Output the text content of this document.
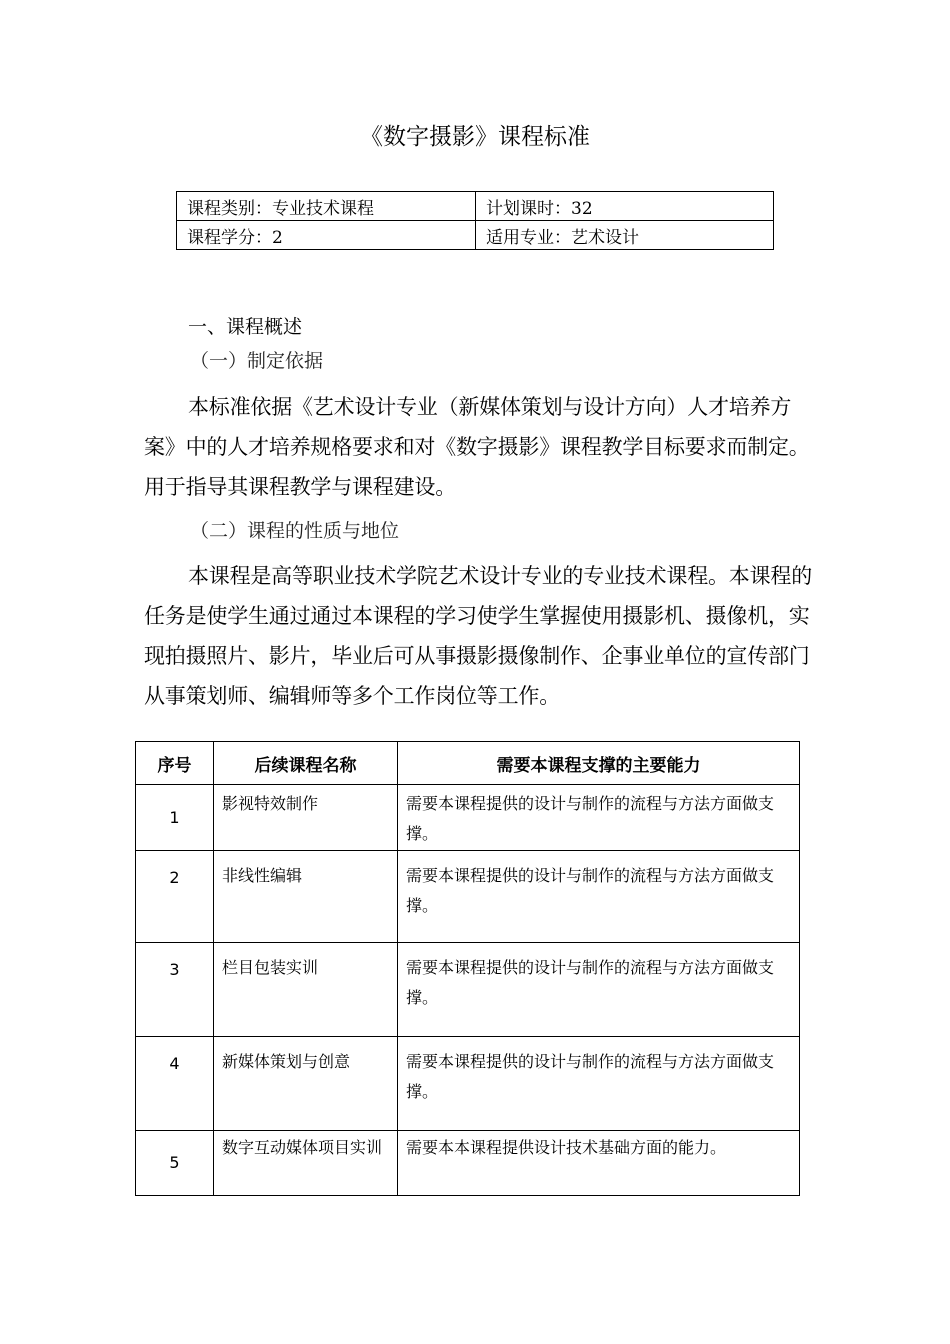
《数字摄影》课程标准
课程类别：专业技术课程	计划课时：32
课程学分：2	适用专业：艺术设计
一、课程概述
（一）制定依据
本标准依据《艺术设计专业（新媒体策划与设计方向）人才培养方案》中的人才培养规格要求和对《数字摄影》课程教学目标要求而制定。用于指导其课程教学与课程建设。
（二）课程的性质与地位
本课程是高等职业技术学院艺术设计专业的专业技术课程。本课程的任务是使学生通过通过本课程的学习使学生掌握使用摄影机、摄像机，实现拍摄照片、影片，毕业后可从事摄影摄像制作、企事业单位的宣传部门从事策划师、编辑师等多个工作岗位等工作。
序号	后续课程名称	需要本课程支撑的主要能力
1	影视特效制作	需要本课程提供的设计与制作的流程与方法方面做支撑。
2	非线性编辑	需要本课程提供的设计与制作的流程与方法方面做支撑。
3	栏目包装实训	需要本课程提供的设计与制作的流程与方法方面做支撑。
4	新媒体策划与创意	需要本课程提供的设计与制作的流程与方法方面做支撑。
5	数字互动媒体项目实训	需要本本课程提供设计技术基础方面的能力。
